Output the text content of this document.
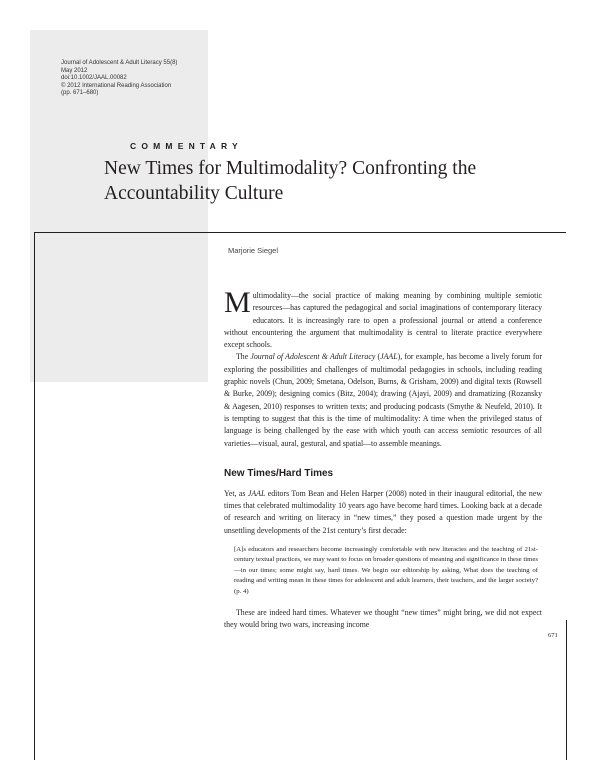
Journal of Adolescent & Adult Literacy 55(8)
May 2012
doi:10.1002/JAAL.00082
© 2012 International Reading Association
(pp. 671–680)
COMMENTARY
New Times for Multimodality? Confronting the Accountability Culture
Marjorie Siegel

Multimodality—the social practice of making meaning by combining multiple semiotic resources—has captured the pedagogical and social imaginations of contemporary literacy educators. It is increasingly rare to open a professional journal or attend a conference without encountering the argument that multimodality is central to literate practice everywhere except schools.

The Journal of Adolescent & Adult Literacy (JAAL), for example, has become a lively forum for exploring the possibilities and challenges of multimodal pedagogies in schools, including reading graphic novels (Chun, 2009; Smetana, Odelson, Burns, & Grisham, 2009) and digital texts (Rowsell & Burke, 2009); designing comics (Bitz, 2004); drawing (Ajayi, 2009) and dramatizing (Rozansky & Aagesen, 2010) responses to written texts; and producing podcasts (Smythe & Neufeld, 2010). It is tempting to suggest that this is the time of multimodality: A time when the privileged status of language is being challenged by the ease with which youth can access semiotic resources of all varieties—visual, aural, gestural, and spatial—to assemble meanings.

New Times/Hard Times

Yet, as JAAL editors Tom Bean and Helen Harper (2008) noted in their inaugural editorial, the new times that celebrated multimodality 10 years ago have become hard times. Looking back at a decade of research and writing on literacy in “new times,” they posed a question made urgent by the unsettling developments of the 21st century’s first decade:

[A]s educators and researchers become increasingly comfortable with new literacies and the teaching of 21st-century textual practices, we may want to focus on broader questions of meaning and significance in these times—in our times; some might say, hard times. We begin our editorship by asking, What does the teaching of reading and writing mean in these times for adolescent and adult learners, their teachers, and the larger society? (p. 4)

These are indeed hard times. Whatever we thought “new times” might bring, we did not expect they would bring two wars, increasing income

671
